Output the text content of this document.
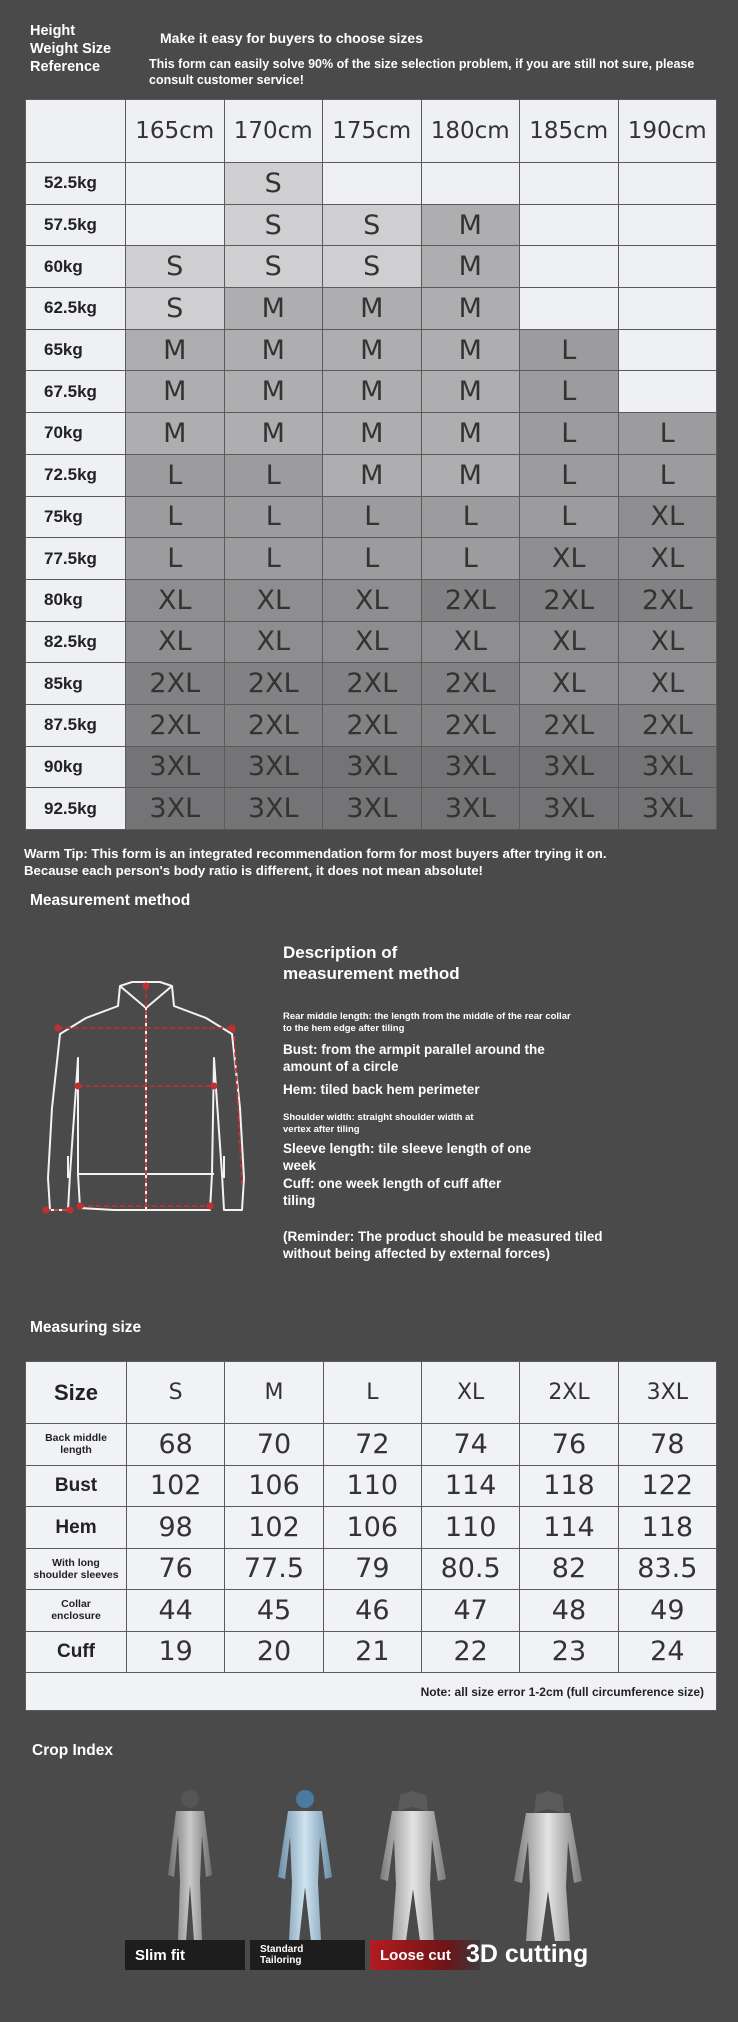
Height
Weight Size
Reference
Make it easy for buyers to choose sizes
This form can easily solve 90% of the size selection problem, if you are still not sure, please consult customer service!
	165cm	170cm	175cm	180cm	185cm	190cm
52.5kg		S				
57.5kg		S	S	M		
60kg	S	S	S	M		
62.5kg	S	M	M	M		
65kg	M	M	M	M	L	
67.5kg	M	M	M	M	L	
70kg	M	M	M	M	L	L
72.5kg	L	L	M	M	L	L
75kg	L	L	L	L	L	XL
77.5kg	L	L	L	L	XL	XL
80kg	XL	XL	XL	2XL	2XL	2XL
82.5kg	XL	XL	XL	XL	XL	XL
85kg	2XL	2XL	2XL	2XL	XL	XL
87.5kg	2XL	2XL	2XL	2XL	2XL	2XL
90kg	3XL	3XL	3XL	3XL	3XL	3XL
92.5kg	3XL	3XL	3XL	3XL	3XL	3XL
Warm Tip: This form is an integrated recommendation form for most buyers after trying it on.
Because each person's body ratio is different, it does not mean absolute!
Measurement method
Description of
measurement method
Rear middle length: the length from the middle of the rear collar
to the hem edge after tiling
Bust: from the armpit parallel around the
amount of a circle
Hem: tiled back hem perimeter
Shoulder width: straight shoulder width at
vertex after tiling
Sleeve length: tile sleeve length of one
week
Cuff: one week length of cuff after
tiling
(Reminder: The product should be measured tiled
without being affected by external forces)
Measuring size
Size	S	M	L	XL	2XL	3XL

Back middle
length	68	70	72	74	76	78

Bust	102	106	110	114	118	122

Hem	98	102	106	110	114	118

With long
shoulder sleeves	76	77.5	79	80.5	82	83.5

Collar
enclosure	44	45	46	47	48	49

Cuff	19	20	21	22	23	24
Note: all size error 1-2cm (full circumference size)						
Crop Index
Slim fit	Standard
Tailoring	Loose cut 3D cutting
